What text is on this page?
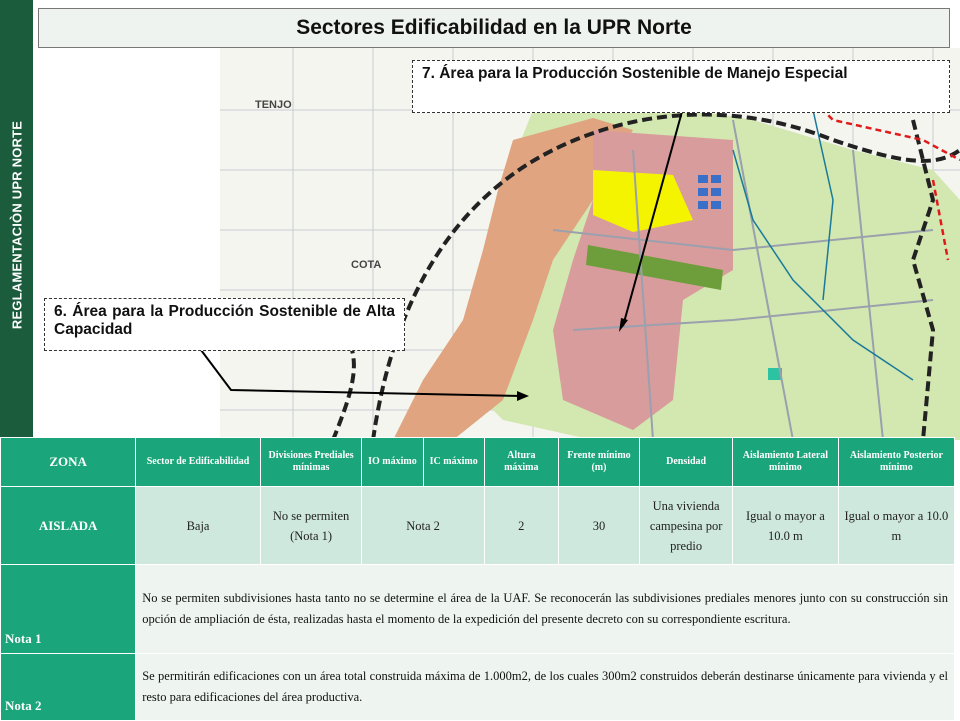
REGLAMENTACIÒN UPR NORTE
TENJO
COTA
Sectores Edificabilidad en la UPR Norte
7. Área para la Producción Sostenible de Manejo Especial
6. Área para la Producción Sostenible de Alta Capacidad
ZONA	Sector de Edificabilidad	Divisiones Prediales mínimas	IO máximo	IC máximo	Altura máxima	Frente mínimo (m)	Densidad	Aislamiento Lateral mínimo	Aislamiento Posterior mínimo
AISLADA	Baja	No se permiten (Nota 1)	Nota 2		2	30	Una vivienda campesina por predio	Igual o mayor a 10.0 m	Igual o mayor a 10.0 m
Nota 1	No se permiten subdivisiones hasta tanto no se determine el área de la UAF. Se reconocerán las subdivisiones prediales menores junto con su construcción sin opción de ampliación de ésta, realizadas hasta el momento de la expedición del presente decreto con su correspondiente escritura.								
Nota 2	Se permitirán edificaciones con un área total construida máxima de 1.000m2, de los cuales 300m2 construidos deberán destinarse únicamente para vivienda y el resto para edificaciones del área productiva.								
